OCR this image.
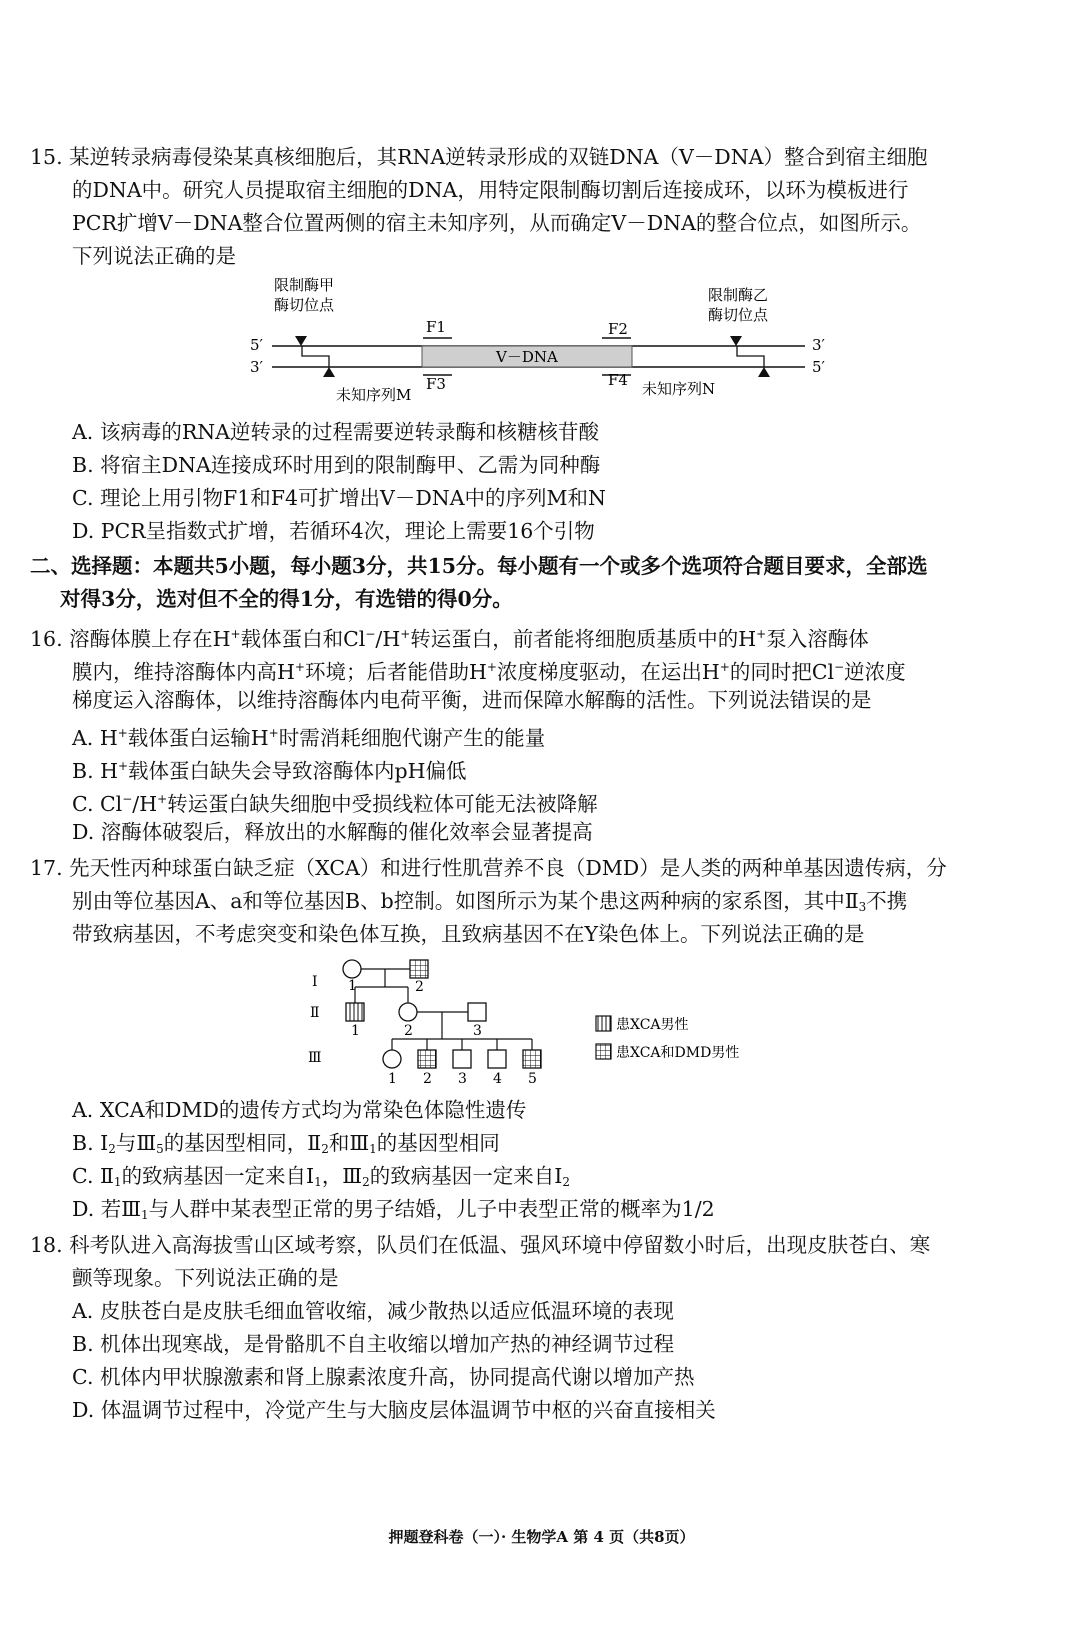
15. 某逆转录病毒侵染某真核细胞后，其RNA逆转录形成的双链DNA（V－DNA）整合到宿主细胞
的DNA中。研究人员提取宿主细胞的DNA，用特定限制酶切割后连接成环，以环为模板进行
PCR扩增V－DNA整合位置两侧的宿主未知序列，从而确定V－DNA的整合位点，如图所示。
下列说法正确的是
限制酶甲
酶切位点
限制酶乙
酶切位点
5′
3′
3′
5′
V－DNA
F1	F2
F3	F4
未知序列M	未知序列N
A. 该病毒的RNA逆转录的过程需要逆转录酶和核糖核苷酸
B. 将宿主DNA连接成环时用到的限制酶甲、乙需为同种酶
C. 理论上用引物F1和F4可扩增出V－DNA中的序列M和N
D. PCR呈指数式扩增，若循环4次，理论上需要16个引物
二、选择题：本题共5小题，每小题3分，共15分。每小题有一个或多个选项符合题目要求，全部选
对得3分，选对但不全的得1分，有选错的得0分。
16. 溶酶体膜上存在H+载体蛋白和Cl−/H+转运蛋白，前者能将细胞质基质中的H+泵入溶酶体
膜内，维持溶酶体内高H+环境；后者能借助H+浓度梯度驱动，在运出H+的同时把Cl−逆浓度
梯度运入溶酶体，以维持溶酶体内电荷平衡，进而保障水解酶的活性。下列说法错误的是
A. H+载体蛋白运输H+时需消耗细胞代谢产生的能量
B. H+载体蛋白缺失会导致溶酶体内pH偏低
C. Cl−/H+转运蛋白缺失细胞中受损线粒体可能无法被降解
D. 溶酶体破裂后，释放出的水解酶的催化效率会显著提高
17. 先天性丙种球蛋白缺乏症（XCA）和进行性肌营养不良（DMD）是人类的两种单基因遗传病，分
别由等位基因A、a和等位基因B、b控制。如图所示为某个患这两种病的家系图，其中$Ⅱ_3$不携
带致病基因，不考虑突变和染色体互换，且致病基因不在Y染色体上。下列说法正确的是
Ⅰ
Ⅱ
Ⅲ
1	2
1	2	3
1 2 3 4 5
患XCA男性
患XCA和DMD男性
A. XCA和DMD的遗传方式均为常染色体隐性遗传
B. $Ⅰ_2$与$Ⅲ_5$的基因型相同，$Ⅱ_2$和$Ⅲ_1$的基因型相同
C. $Ⅱ_1$的致病基因一定来自$Ⅰ_1$，$Ⅲ_2$的致病基因一定来自$Ⅰ_2$
D. 若$Ⅲ_1$与人群中某表型正常的男子结婚，儿子中表型正常的概率为1/2
18. 科考队进入高海拔雪山区域考察，队员们在低温、强风环境中停留数小时后，出现皮肤苍白、寒
颤等现象。下列说法正确的是
A. 皮肤苍白是皮肤毛细血管收缩，减少散热以适应低温环境的表现
B. 机体出现寒战，是骨骼肌不自主收缩以增加产热的神经调节过程
C. 机体内甲状腺激素和肾上腺素浓度升高，协同提高代谢以增加产热
D. 体温调节过程中，冷觉产生与大脑皮层体温调节中枢的兴奋直接相关
押题登科卷（一）· 生物学A 第 4 页（共8页）
